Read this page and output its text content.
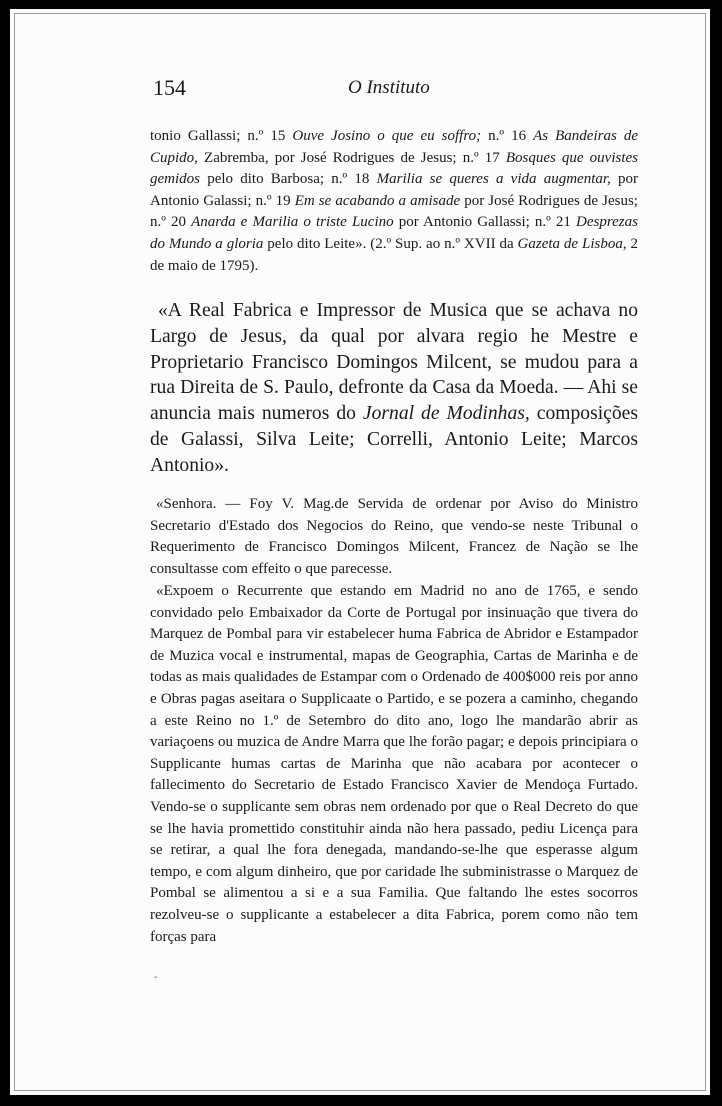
154	O Instituto

tonio Gallassi; n.º 15 Ouve Josino o que eu soffro; n.º 16 As Bandeiras de Cupido, Zabremba, por José Rodrigues de Jesus; n.º 17 Bosques que ouvistes gemidos pelo dito Barbosa; n.º 18 Marilia se queres a vida augmentar, por Antonio Galassi; n.º 19 Em se acabando a amisade por José Rodrigues de Jesus; n.º 20 Anarda e Marilia o triste Lucino por Antonio Gallassi; n.º 21 Desprezas do Mundo a gloria pelo dito Leite». (2.º Sup. ao n.º XVII da Gazeta de Lisboa, 2 de maio de 1795).

«A Real Fabrica e Impressor de Musica que se achava no Largo de Jesus, da qual por alvara regio he Mestre e Proprietario Francisco Domingos Milcent, se mudou para a rua Direita de S. Paulo, defronte da Casa da Moeda. — Ahi se anuncia mais numeros do Jornal de Modinhas, composições de Galassi, Silva Leite; Correlli, Antonio Leite; Marcos Antonio».

«Senhora. — Foy V. Mag.de Servida de ordenar por Aviso do Ministro Secretario d'Estado dos Negocios do Reino, que vendo-se neste Tribunal o Requerimento de Francisco Domingos Milcent, Francez de Nação se lhe consultasse com effeito o que parecesse.

«Expoem o Recurrente que estando em Madrid no ano de 1765, e sendo convidado pelo Embaixador da Corte de Portugal por insinuação que tivera do Marquez de Pombal para vir estabelecer huma Fabrica de Abridor e Estampador de Muzica vocal e instrumental, mapas de Geographia, Cartas de Marinha e de todas as mais qualidades de Estampar com o Ordenado de 400$000 reis por anno e Obras pagas aseitara o Supplicaate o Partido, e se pozera a caminho, chegando a este Reino no 1.º de Setembro do dito ano, logo lhe mandarão abrir as variaçoens ou muzica de Andre Marra que lhe forão pagar; e depois principiara o Supplicante humas cartas de Marinha que não acabara por acontecer o fallecimento do Secretario de Estado Francisco Xavier de Mendoça Furtado. Vendo-se o supplicante sem obras nem ordenado por que o Real Decreto do que se lhe havia promettido constituhir ainda não hera passado, pediu Licença para se retirar, a qual lhe fora denegada, mandando-se-lhe que esperasse algum tempo, e com algum dinheiro, que por caridade lhe subministrasse o Marquez de Pombal se alimentou a si e a sua Familia. Que faltando lhe estes socorros rezolveu-se o supplicante a estabelecer a dita Fabrica, porem como não tem forças para

‐
